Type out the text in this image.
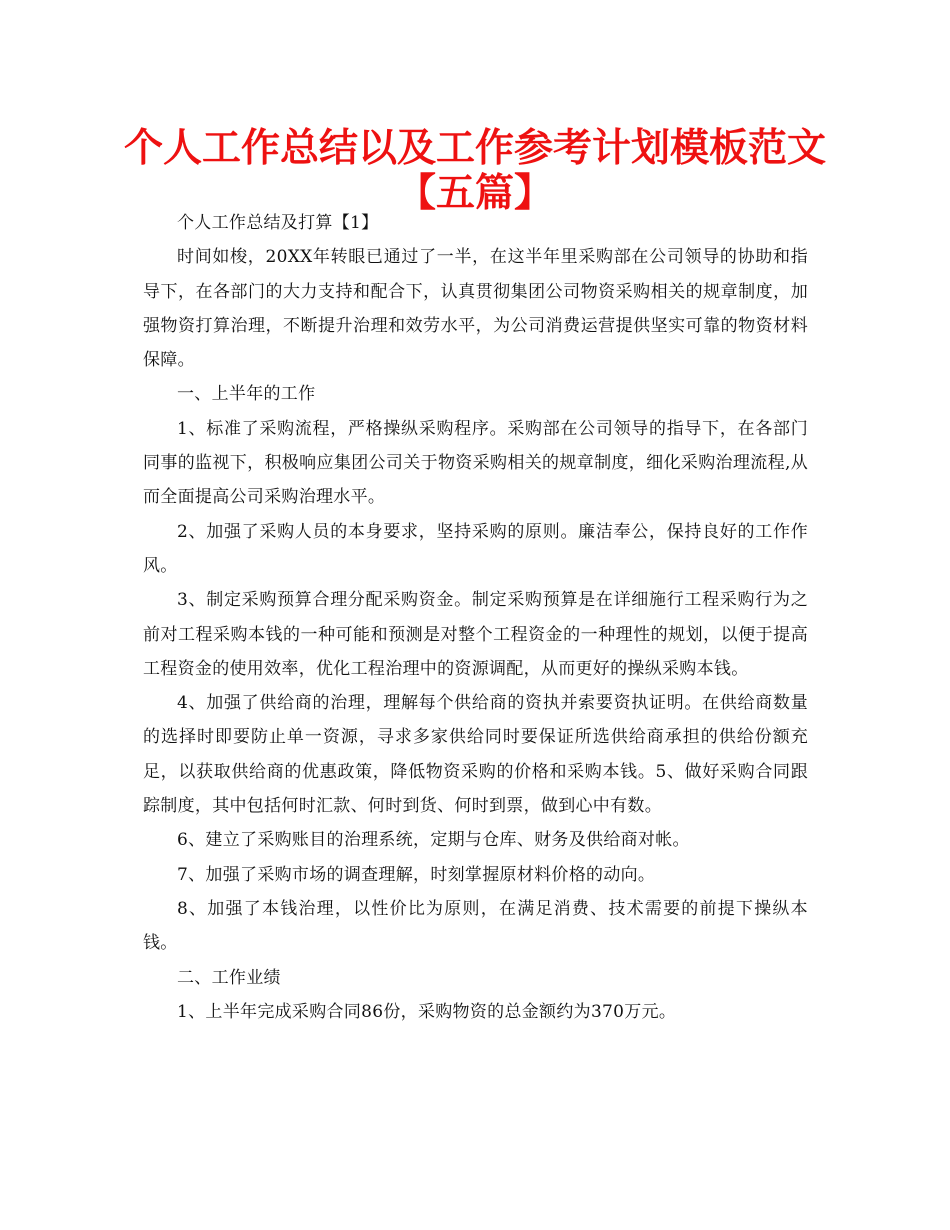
个人工作总结以及工作参考计划模板范文
【五篇】

个人工作总结及打算【1】

时间如梭，20XX年转眼已通过了一半，在这半年里采购部在公司领导的协助和指导下，在各部门的大力支持和配合下，认真贯彻集团公司物资采购相关的规章制度，加强物资打算治理，不断提升治理和效劳水平，为公司消费运营提供坚实可靠的物资材料保障。

一、上半年的工作

1、标准了采购流程，严格操纵采购程序。采购部在公司领导的指导下，在各部门同事的监视下，积极响应集团公司关于物资采购相关的规章制度，细化采购治理流程,从而全面提高公司采购治理水平。

2、加强了采购人员的本身要求，坚持采购的原则。廉洁奉公，保持良好的工作作风。

3、制定采购预算合理分配采购资金。制定采购预算是在详细施行工程采购行为之前对工程采购本钱的一种可能和预测是对整个工程资金的一种理性的规划，以便于提高工程资金的使用效率，优化工程治理中的资源调配，从而更好的操纵采购本钱。

4、加强了供给商的治理，理解每个供给商的资执并索要资执证明。在供给商数量的选择时即要防止单一资源，寻求多家供给同时要保证所选供给商承担的供给份额充足，以获取供给商的优惠政策，降低物资采购的价格和采购本钱。5、做好采购合同跟踪制度，其中包括何时汇款、何时到货、何时到票，做到心中有数。

6、建立了采购账目的治理系统，定期与仓库、财务及供给商对帐。

7、加强了采购市场的调查理解，时刻掌握原材料价格的动向。

8、加强了本钱治理，以性价比为原则，在满足消费、技术需要的前提下操纵本钱。

二、工作业绩

1、上半年完成采购合同86份，采购物资的总金额约为370万元。
